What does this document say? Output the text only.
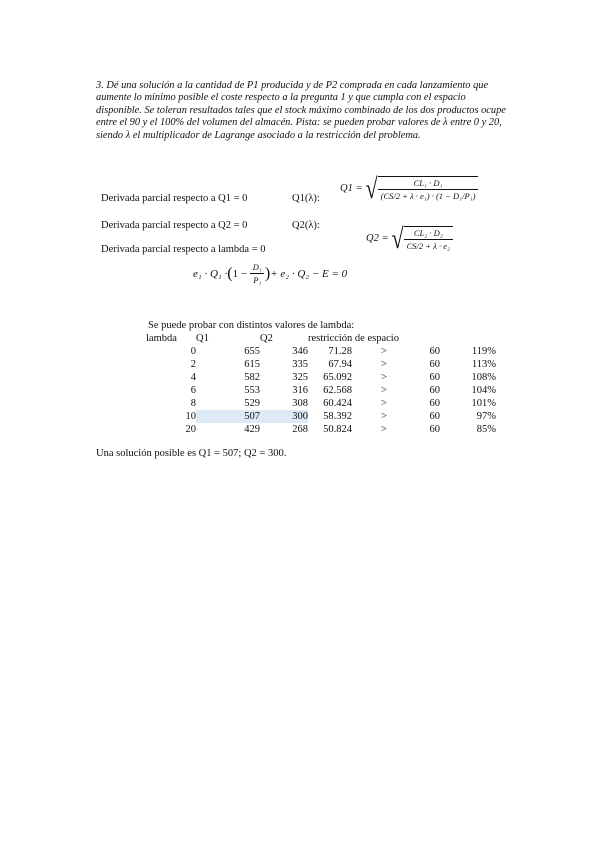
3. Dé una solución a la cantidad de P1 producida y de P2 comprada en cada lanzamiento que aumente lo mínimo posible el coste respecto a la pregunta 1 y que cumpla con el espacio disponible. Se toleran resultados tales que el stock máximo combinado de los dos productos ocupe entre el 90 y el 100% del volumen del almacén. Pista: se pueden probar valores de λ entre 0 y 20, siendo λ el multiplicador de Lagrange asociado a la restricción del problema.

Derivada parcial respecto a Q1 = 0
Derivada parcial respecto a Q2 = 0
Derivada parcial respecto a lambda = 0
Q1(λ):
Q2(λ):
Q1 = √ $\frac{\text{CL₁ · D₁}}{\text{(CS/2 + λ · e₁) · (1 − D₁/P₁)}}$
Q2 = √ $\frac{\text{CL₂ · D₂}}{\text{CS/2 + λ · e₂}}$
e₁ · Q₁ · ( $1 - \frac{\text{D₁}}{\text{P₁}}$ ) + e₂ · Q₂ − E = 0
Se puede probar con distintos valores de lambda:
lambda	Q1	Q2	restricción de espacio			
0	655	346	71.28	>	60	119%
2	615	335	67.94	>	60	113%
4	582	325	65.092	>	60	108%
6	553	316	62.568	>	60	104%
8	529	308	60.424	>	60	101%
10	507	300	58.392	>	60	97%
20	429	268	50.824	>	60	85%
Una solución posible es Q1 = 507; Q2 = 300.
